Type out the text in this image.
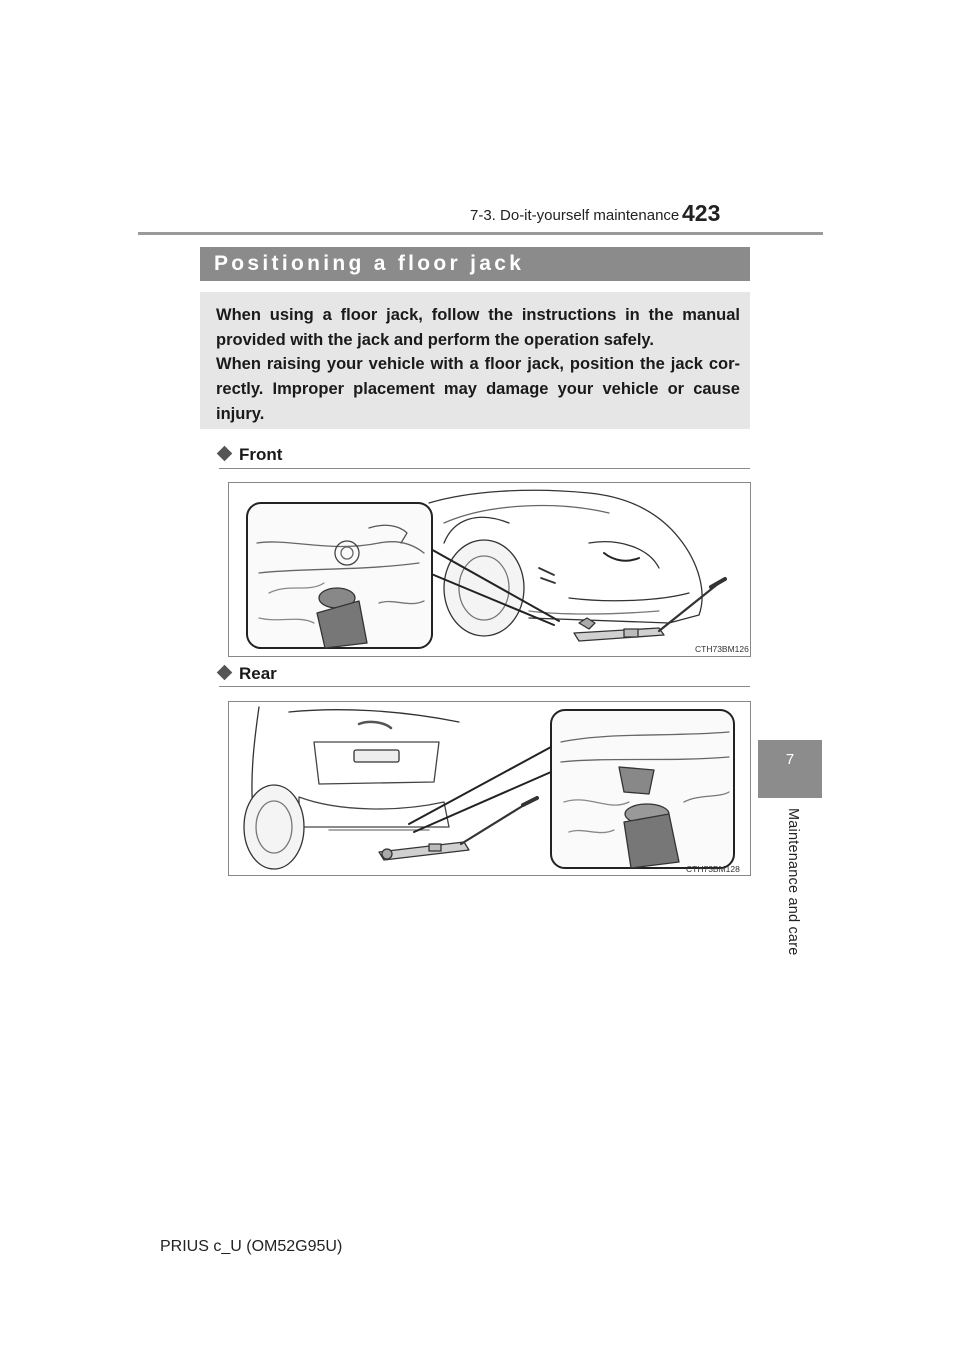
7-3. Do-it-yourself maintenance 423
7
Maintenance and care
Positioning a floor jack
When using a floor jack, follow the instructions in the manual provided with the jack and perform the operation safely.
When raising your vehicle with a floor jack, position the jack cor-rectly. Improper placement may damage your vehicle or cause injury.
Front
CTH73BM126
Rear
CTH73BM128
PRIUS c_U (OM52G95U)
